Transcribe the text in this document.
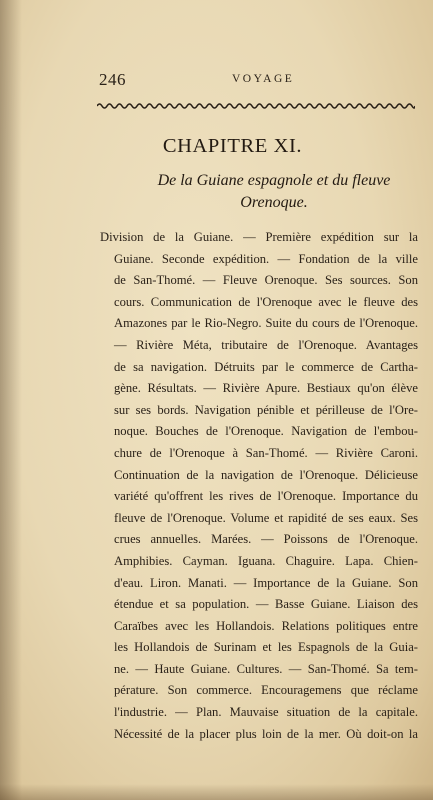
246	VOYAGE
CHAPITRE XI.
De la Guiane espagnole et du fleuve
Orenoque.
Division de la Guiane. — Première expédition sur la
Guiane. Seconde expédition. — Fondation de la ville
de San-Thomé. — Fleuve Orenoque. Ses sources. Son
cours. Communication de l'Orenoque avec le fleuve des
Amazones par le Rio-Negro. Suite du cours de l'Orenoque.
— Rivière Méta, tributaire de l'Orenoque. Avantages
de sa navigation. Détruits par le commerce de Cartha-
gène. Résultats. — Rivière Apure. Bestiaux qu'on élève
sur ses bords. Navigation pénible et périlleuse de l'Ore-
noque. Bouches de l'Orenoque. Navigation de l'embou-
chure de l'Orenoque à San-Thomé. — Rivière Caroni.
Continuation de la navigation de l'Orenoque. Délicieuse
variété qu'offrent les rives de l'Orenoque. Importance du
fleuve de l'Orenoque. Volume et rapidité de ses eaux. Ses
crues annuelles. Marées. — Poissons de l'Orenoque.
Amphibies. Cayman. Iguana. Chaguire. Lapa. Chien-
d'eau. Liron. Manati. — Importance de la Guiane. Son
étendue et sa population. — Basse Guiane. Liaison des
Caraïbes avec les Hollandois. Relations politiques entre
les Hollandois de Surinam et les Espagnols de la Guia-
ne. — Haute Guiane. Cultures. — San-Thomé. Sa tem-
pérature. Son commerce. Encouragemens que réclame
l'industrie. — Plan. Mauvaise situation de la capitale.
Nécessité de la placer plus loin de la mer. Où doit-on la
